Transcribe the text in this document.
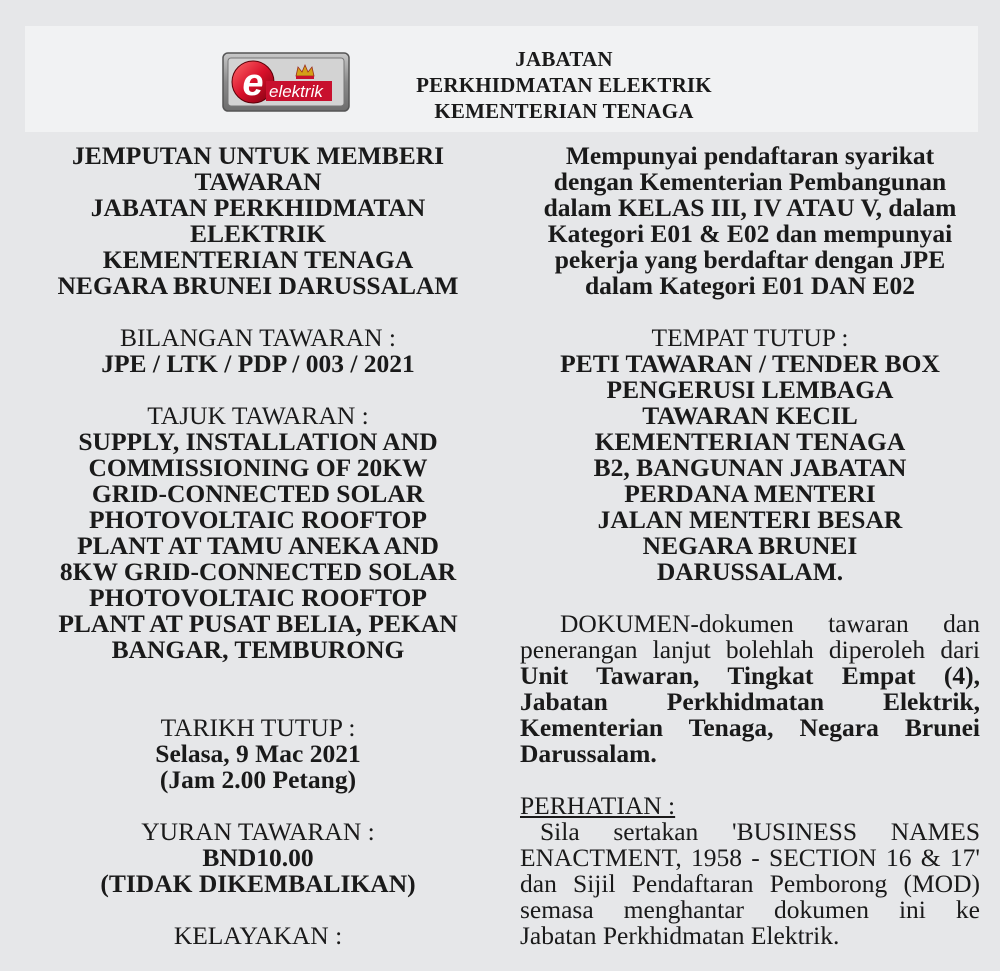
e elektrik
JABATAN
PERKHIDMATAN ELEKTRIK
KEMENTERIAN TENAGA
JEMPUTAN UNTUK MEMBERI
TAWARAN
JABATAN PERKHIDMATAN
ELEKTRIK
KEMENTERIAN TENAGA
NEGARA BRUNEI DARUSSALAM
BILANGAN TAWARAN :
JPE / LTK / PDP / 003 / 2021
TAJUK TAWARAN :
SUPPLY, INSTALLATION AND
COMMISSIONING OF 20KW
GRID-CONNECTED SOLAR
PHOTOVOLTAIC ROOFTOP
PLANT AT TAMU ANEKA AND
8KW GRID-CONNECTED SOLAR
PHOTOVOLTAIC ROOFTOP
PLANT AT PUSAT BELIA, PEKAN
BANGAR, TEMBURONG
TARIKH TUTUP :
Selasa, 9 Mac 2021
(Jam 2.00 Petang)
YURAN TAWARAN :
BND10.00
(TIDAK DIKEMBALIKAN)
KELAYAKAN :
Mempunyai pendaftaran syarikat
dengan Kementerian Pembangunan
dalam KELAS III, IV ATAU V, dalam
Kategori E01 & E02 dan mempunyai
pekerja yang berdaftar dengan JPE
dalam Kategori E01 DAN E02
TEMPAT TUTUP :
PETI TAWARAN / TENDER BOX
PENGERUSI LEMBAGA
TAWARAN KECIL
KEMENTERIAN TENAGA
B2, BANGUNAN JABATAN
PERDANA MENTERI
JALAN MENTERI BESAR
NEGARA BRUNEI
DARUSSALAM.
DOKUMEN-dokumen tawaran dan
penerangan lanjut bolehlah diperoleh dari
Unit Tawaran, Tingkat Empat (4),
Jabatan Perkhidmatan Elektrik,
Kementerian Tenaga, Negara Brunei
Darussalam.
PERHATIAN :
Sila sertakan 'BUSINESS NAMES
ENACTMENT, 1958 - SECTION 16 & 17'
dan Sijil Pendaftaran Pemborong (MOD)
semasa menghantar dokumen ini ke
Jabatan Perkhidmatan Elektrik.
